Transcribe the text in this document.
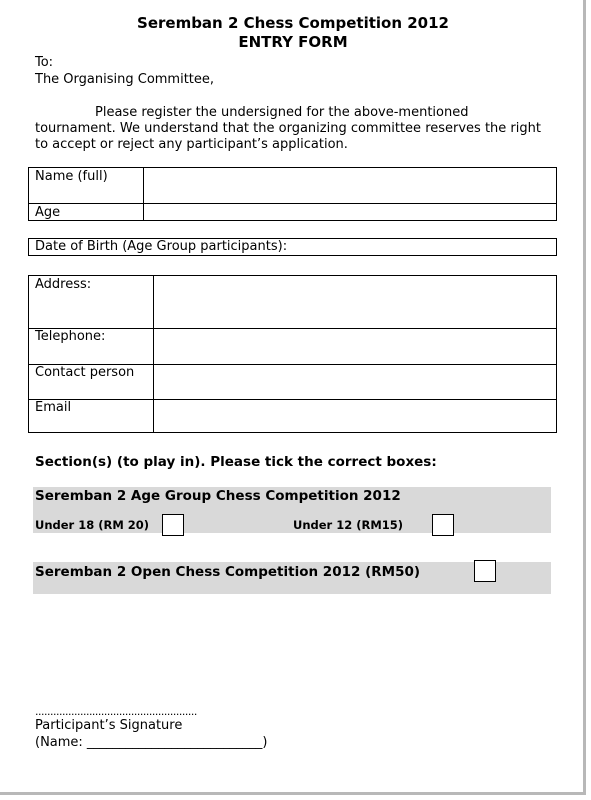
Seremban 2 Chess Competition 2012
ENTRY FORM
To:
The Organising Committee,
Please register the undersigned for the above-mentioned
tournament. We understand that the organizing committee reserves the right
to accept or reject any participant’s application.
Name (full)
Age
Date of Birth (Age Group participants):
Address:
Telephone:
Contact person
Email
Section(s) (to play in). Please tick the correct boxes:
Seremban 2 Age Group Chess Competition 2012
Under 18 (RM 20)	Under 12 (RM15)
Seremban 2 Open Chess Competition 2012 (RM50)
......................................................
Participant’s Signature
(Name: ___________________________)
